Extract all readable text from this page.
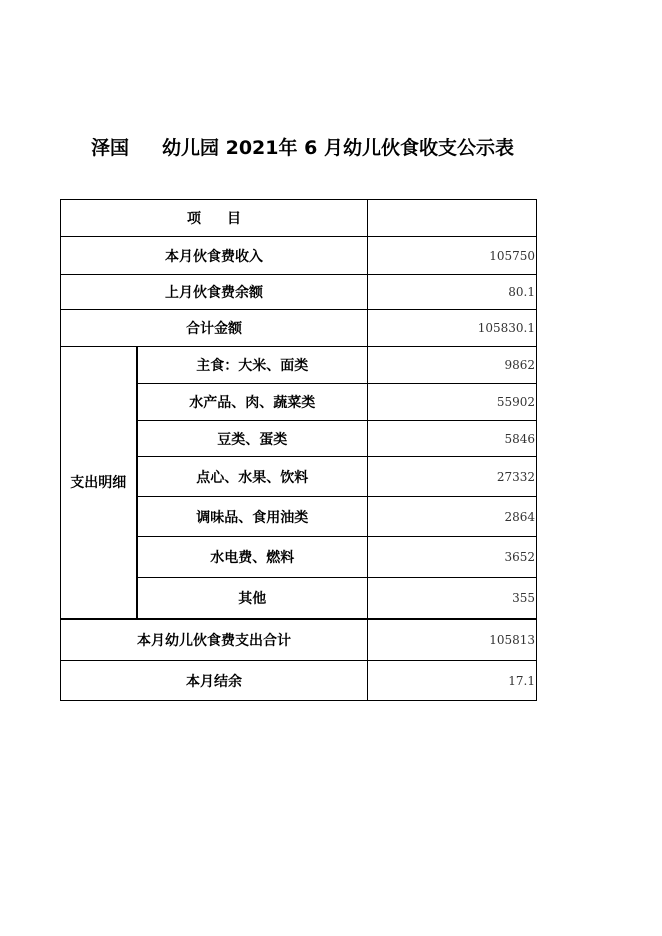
泽国 幼儿园 2021年 6 月幼儿伙食收支公示表
项 目		
本月伙食费收入		105750
上月伙食费余额		80.1
合计金额		105830.1
支出明细	主食：大米、面类	9862
	水产品、肉、蔬菜类	55902
	豆类、蛋类	5846
	点心、水果、饮料	27332
	调味品、食用油类	2864
	水电费、燃料	3652
	其他	355
本月幼儿伙食费支出合计		105813
本月结余		17.1
